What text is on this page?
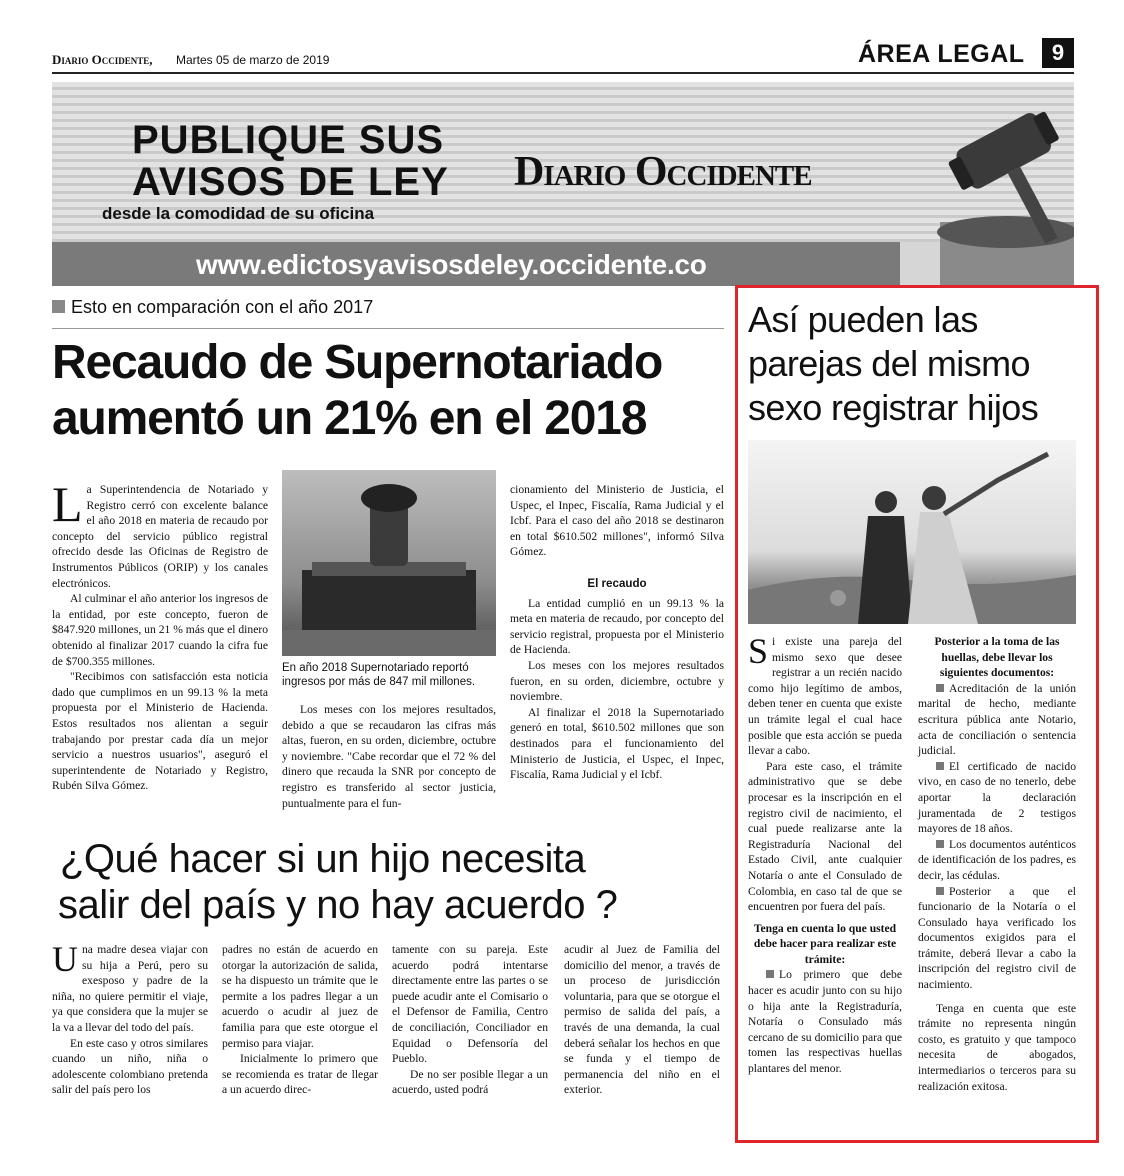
Diario Occidente, Martes 05 de marzo de 2019	ÁREA LEGAL	9
PUBLIQUE SUS
AVISOS DE LEY
desde la comodidad de su oficina
Diario Occidente
www.edictosyavisosdeley.occidente.co
Esto en comparación con el año 2017
Recaudo de Supernotariado
aumentó un 21% en el 2018
L a Superintendencia de Notariado y Registro cerró con excelente balance el año 2018 en materia de recaudo por concepto del servicio público registral ofrecido desde las Oficinas de Registro de Instrumentos Públicos (ORIP) y los canales electrónicos.

Al culminar el año anterior los ingresos de la entidad, por este concepto, fueron de $847.920 millones, un 21 % más que el dinero obtenido al finalizar 2017 cuando la cifra fue de $700.355 millones.

"Recibimos con satisfacción esta noticia dado que cumplimos en un 99.13 % la meta propuesta por el Ministerio de Hacienda. Estos resultados nos alientan a seguir trabajando por prestar cada día un mejor servicio a nuestros usuarios", aseguró el superintendente de Notariado y Registro, Rubén Silva Gómez.

En año 2018 Supernotariado reportó ingresos por más de 847 mil millones.

Los meses con los mejores resultados, debido a que se recaudaron las cifras más altas, fueron, en su orden, diciembre, octubre y noviembre. "Cabe recordar que el 72 % del dinero que recauda la SNR por concepto de registro es transferido al sector justicia, puntualmente para el fun-

cionamiento del Ministerio de Justicia, el Uspec, el Inpec, Fiscalía, Rama Judicial y el Icbf. Para el caso del año 2018 se destinaron en total $610.502 millones", informó Silva Gómez.

El recaudo

La entidad cumplió en un 99.13 % la meta en materia de recaudo, por concepto del servicio registral, propuesta por el Ministerio de Hacienda.

Los meses con los mejores resultados fueron, en su orden, diciembre, octubre y noviembre.

Al finalizar el 2018 la Supernotariado generó en total, $610.502 millones que son destinados para el funcionamiento del Ministerio de Justicia, el Uspec, el Inpec, Fiscalía, Rama Judicial y el Icbf.

¿Qué hacer si un hijo necesita
salir del país y no hay acuerdo ?
U na madre desea viajar con su hija a Perú, pero su exesposo y padre de la niña, no quiere permitir el viaje, ya que considera que la mujer se la va a llevar del todo del país.

En este caso y otros similares cuando un niño, niña o adolescente colombiano pretenda salir del país pero los

padres no están de acuerdo en otorgar la autorización de salida, se ha dispuesto un trámite que le permite a los padres llegar a un acuerdo o acudir al juez de familia para que este otorgue el permiso para viajar.

Inicialmente lo primero que se recomienda es tratar de llegar a un acuerdo direc-

tamente con su pareja. Este acuerdo podrá intentarse directamente entre las partes o se puede acudir ante el Comisario o el Defensor de Familia, Centro de conciliación, Conciliador en Equidad o Defensoría del Pueblo.

De no ser posible llegar a un acuerdo, usted podrá

acudir al Juez de Familia del domicilio del menor, a través de un proceso de jurisdicción voluntaria, para que se otorgue el permiso de salida del país, a través de una demanda, la cual deberá señalar los hechos en que se funda y el tiempo de permanencia del niño en el exterior.

Así pueden las
parejas del mismo
sexo registrar hijos
S i existe una pareja del mismo sexo que desee registrar a un recién nacido como hijo legítimo de ambos, deben tener en cuenta que existe un trámite legal el cual hace posible que esta acción se pueda llevar a cabo.

Para este caso, el trámite administrativo que se debe procesar es la inscripción en el registro civil de nacimiento, el cual puede realizarse ante la Registraduría Nacional del Estado Civil, ante cualquier Notaría o ante el Consulado de Colombia, en caso tal de que se encuentren por fuera del país.

Tenga en cuenta lo que usted debe hacer para realizar este trámite:

Lo primero que debe hacer es acudir junto con su hijo o hija ante la Registraduría, Notaría o Consulado más cercano de su domicilio para que tomen las respectivas huellas plantares del menor.

Posterior a la toma de las huellas, debe llevar los siguientes documentos:

Acreditación de la unión marital de hecho, mediante escritura pública ante Notario, acta de conciliación o sentencia judicial.

El certificado de nacido vivo, en caso de no tenerlo, debe aportar la declaración juramentada de 2 testigos mayores de 18 años.

Los documentos auténticos de identificación de los padres, es decir, las cédulas.

Posterior a que el funcionario de la Notaría o el Consulado haya verificado los documentos exigidos para el trámite, deberá llevar a cabo la inscripción del registro civil de nacimiento.

Tenga en cuenta que este trámite no representa ningún costo, es gratuito y que tampoco necesita de abogados, intermediarios o terceros para su realización exitosa.
